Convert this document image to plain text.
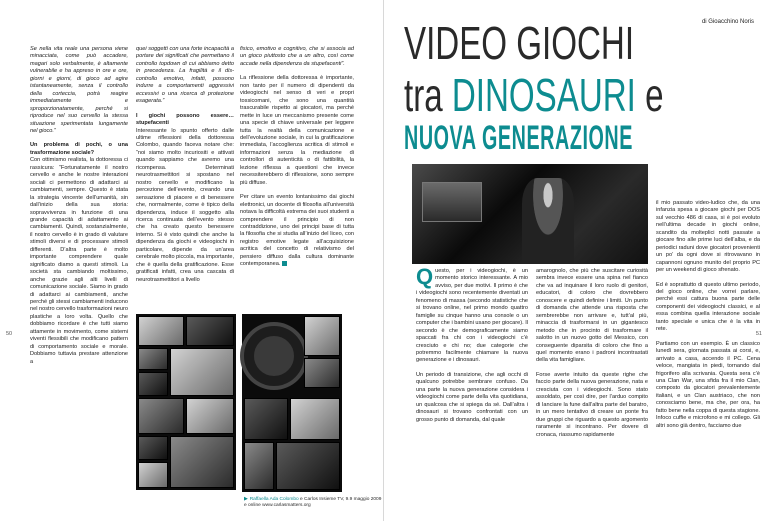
Se nella vita reale una persona viene minacciata, come può accadere, magari solo verbalmente, è altamente vulnerabile e ha appreso in ore e ore, giorni e giorni, di gioco ad agire istantaneamente, senza il controllo della corteccia, potrà reagire immediatamente e sproporzionatamente, perché si riproduce nel suo cervello la stessa situazione sperimentata lungamente nel gioco.”

Un problema di pochi, o una trasformazione sociale?

Con ottimismo realista, la dottoressa ci rassicura: “Fortunatamente il nostro cervello e anche le nostre interazioni sociali ci permettono di adattarci ai cambiamenti, sempre. Questo è stata la strategia vincente dell’umanità, sin dall’inizio della sua storia: sopravvivenza in funzione di una grande capacità di adattamento ai cambiamenti. Quindi, sostanzialmente, il nostro cervello è in grado di valutare stimoli diversi e di processare stimoli differenti. D’altra parte è molto importante comprendere quale significato diamo a questi stimoli. La società sta cambiando moltissimo, anche grazie agli alti livelli di comunicazione sociale. Siamo in grado di adattarci ai cambiamenti, anche perché gli stessi cambiamenti inducono nel nostro cervello trasformazioni neuro plastiche a loro volta. Quello che dobbiamo ricordare è che tutti siamo attamente in movimento, come sistemi viventi flessibili che modificano pattern di comportamento sociale e morale. Dobbiamo tuttavia prestare attenzione a

quei soggetti con una forte incapacità a portare dei significati che permettano il controllo topdown di cui abbiamo detto in precedenza. La fragilità e il dis-controllo emotivo, infatti, possono indurre a comportamenti aggressivi eccessivi o una ricerca di protezione esagerata.”

I giochi possono essere… stupefacenti

Interessante lo spunto offerto dalle ultime riflessioni della dottoressa Colombo, quando faceva notare che: “noi siamo molto incuriositi e attivati quando sappiamo che avremo una ricompensa. Determinati neurotrasmettitori si spostano nel nostro cervello e modificano la percezione dell’evento, creando una sensazione di piacere e di benessere che, normalmente, come è tipico della dipendenza, induce il soggetto alla ricerca continuata dell’evento stesso che ha creato questo benessere interno. Si è visto quindi che anche la dipendenza da giochi e videogiochi in particolare, dipende da un’area cerebrale molto piccola, ma importante, che è quella della gratificazione. Esse gratificati infatti, crea una cascata di neurotrasmettitori a livello

fisico, emotivo e cognitivo, che si associa ad un gioco piuttosto che a un altro, così come accade nella dipendenza da stupefacenti”.

La riflessione della dottoressa è importante, non tanto per il numero di dipendenti da videogiochi nel senso di veri e propri tossicomani, che sono una quantità trascurabile rispetto ai giocatori, ma perché mette in luce un meccanismo presente come una specie di chiave universale per leggere tutta la realtà della comunicazione e dell’evoluzione sociale, in cui la gratificazione immediata, l’accoglienza acritica di stimoli e informazioni senza la mediazione di controllori di autenticità o di fattibilità, la lezione riflessa a questioni che invece necessiterebbero di riflessione, sono sempre più diffuse.

Per citare un evento lontanissimo dai giochi elettronici, un docente di filosofia all’università notava la difficoltà estrema dei suoi studenti a comprendere il principio di non contraddizione, uno dei principi base di tutta la filosofia che si studia all’inizio del liceo, con registro emotive legate all’acquisizione acritica del concetto di relativismo del pensiero diffuso dalla cultura dominante contemporanea.

▶ Raffaella Ada Colombo e Carlos Insieme TV, 9.9 maggio 2009 e online www.carlasmatters.org
50
di Gioacchino Noris
VIDEO GIOCHI
tra DINOSAURI e
NUOVA GENERAZIONE

Questo, per i videogiochi, è un momento storico interessante. A mio avviso, per due motivi. Il primo è che i videogiochi sono recentemente diventati un fenomeno di massa (secondo statistiche che si trovano online, nel primo mondo quattro famiglie su cinque hanno una console o un computer che i bambini usano per giocare). Il secondo è che demograficamente siamo spaccati fra chi con i videogiochi c’è cresciuto e chi no; due categorie che potremmo facilmente chiamare la nuova generazione e i dinosauri.

Un periodo di transizione, che agli occhi di qualcuno potrebbe sembrare confuso. Da una parte la nuova generazione considera i videogiochi come parte della vita quotidiana, un qualcosa che si spiega da sé. Dall’altra i dinosauri si trovano confrontati con un grosso punto di domanda, dal quale

amarognolo, che più che suscitare curiosità sembra invece essere una spina nel fianco che va ad inquinare il loro ruolo di genitori, educatori, di coloro che dovrebbero conoscere e quindi definire i limiti. Un punto di domanda che attende una risposta che sembrerebbe non arrivare e, tutt’al più, minaccia di trasformarsi in un gigantesco metodo che in procinto di trasformare il salotto in un nuovo gotto del Messico, con conseguente diparsita di coloro che fino a quel momento erano i padroni incontrastati della vita famigliare.

Forse averte intuito da queste righe che faccio parte della nuova generazione, nata e cresciuta con i videogiochi. Sono stato assoldato, per così dire, per l’arduo compito di lanciare la fune dall’altra parte del baratro, in un mero tentativo di creare un ponte fra due gruppi che riguardo a questo argomento raramente si incontrano. Per dovere di cronaca, riassumo rapidamente

il mio passato video-ludico che, da una infanzia spesa a giocare giochi per DOS sul vecchio 486 di casa, si è poi evoluto nell’ultima decade in giochi online, scandito da molteplici notti passate a giocare fino alle prime luci dell’alba, e da periodici raduni dove giocatori provenienti un po’ da ogni dove si ritrovavano in capannoni ognuno munito del proprio PC per un weekend di gioco sfrenato.

Ed è soprattutto di questo ultimo periodo, del gioco online, che vorrei parlare, perché essi cattura buona parte delle componenti dei videogiochi classici, e al essa combina quella interazione sociale tanto speciale e unica che è la vita in rete.

Partiamo con un esempio. È un classico lunedì sera, giornata passata ai corsi, e, arrivato a casa, accendo il PC. Cena veloce, mangiata in piedi, tornando dal frigorifero alla scrivania. Questa sera c’è una Clan War, una sfida fra il mio Clan, composto da giocatori prevalentemente italiani, e un Clan austriaco, che non conosciamo bene, ma che, per ora, ha fatto bene nella coppa di questa stagione. Infoco cuffie e microfono e mi collego. Gli altri sono già dentro, facciamo due

51
